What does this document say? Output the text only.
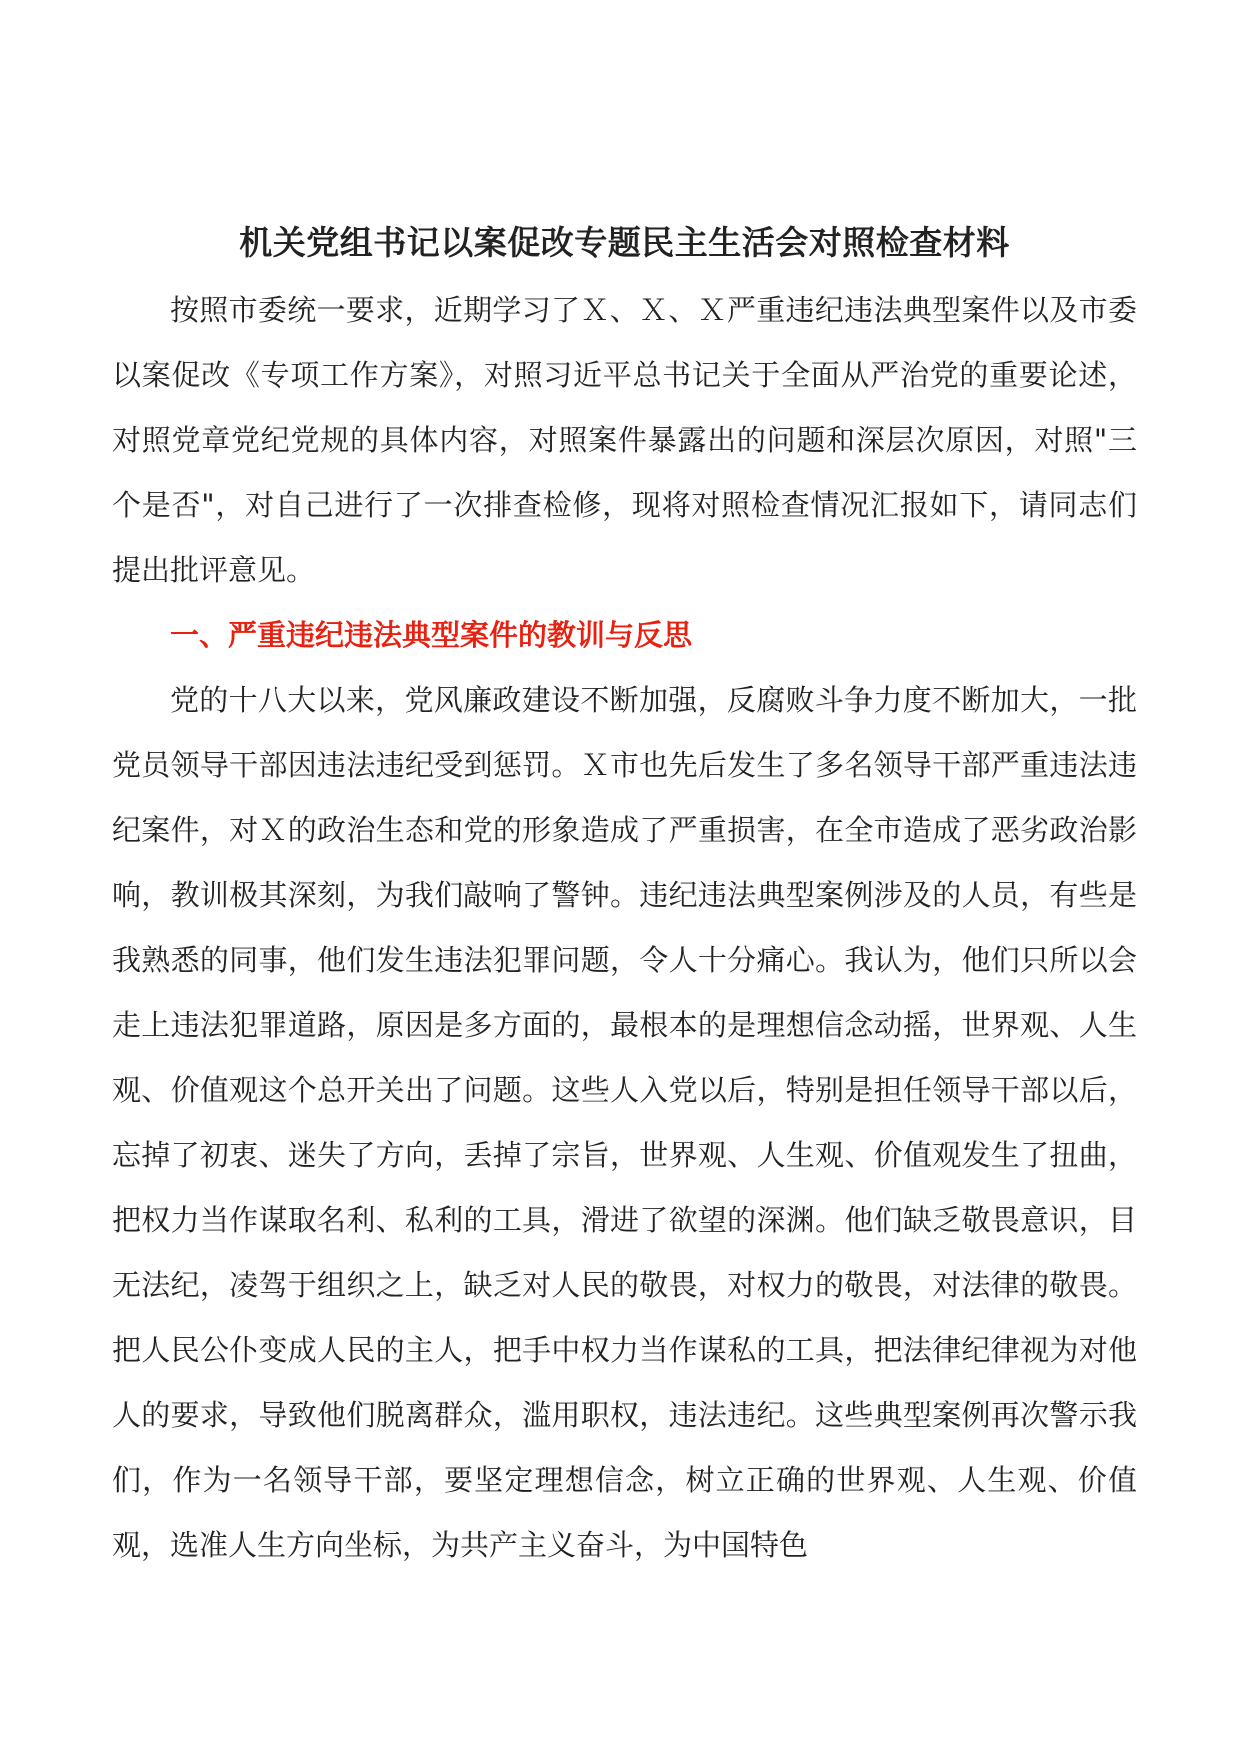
机关党组书记以案促改专题民主生活会对照检查材料

按照市委统一要求，近期学习了Ｘ、Ｘ、Ｘ严重违纪违法典型案件以及市委以案促改《专项工作方案》，对照习近平总书记关于全面从严治党的重要论述，对照党章党纪党规的具体内容，对照案件暴露出的问题和深层次原因，对照"三个是否"，对自己进行了一次排查检修，现将对照检查情况汇报如下，请同志们提出批评意见。

一、严重违纪违法典型案件的教训与反思

党的十八大以来，党风廉政建设不断加强，反腐败斗争力度不断加大，一批党员领导干部因违法违纪受到惩罚。Ｘ市也先后发生了多名领导干部严重违法违纪案件，对Ｘ的政治生态和党的形象造成了严重损害，在全市造成了恶劣政治影响，教训极其深刻，为我们敲响了警钟。违纪违法典型案例涉及的人员，有些是我熟悉的同事，他们发生违法犯罪问题，令人十分痛心。我认为，他们只所以会走上违法犯罪道路，原因是多方面的，最根本的是理想信念动摇，世界观、人生观、价值观这个总开关出了问题。这些人入党以后，特别是担任领导干部以后，忘掉了初衷、迷失了方向，丢掉了宗旨，世界观、人生观、价值观发生了扭曲，把权力当作谋取名利、私利的工具，滑进了欲望的深渊。他们缺乏敬畏意识，目无法纪，凌驾于组织之上，缺乏对人民的敬畏，对权力的敬畏，对法律的敬畏。把人民公仆变成人民的主人，把手中权力当作谋私的工具，把法律纪律视为对他人的要求，导致他们脱离群众，滥用职权，违法违纪。这些典型案例再次警示我们，作为一名领导干部，要坚定理想信念，树立正确的世界观、人生观、价值观，选准人生方向坐标，为共产主义奋斗，为中国特色
